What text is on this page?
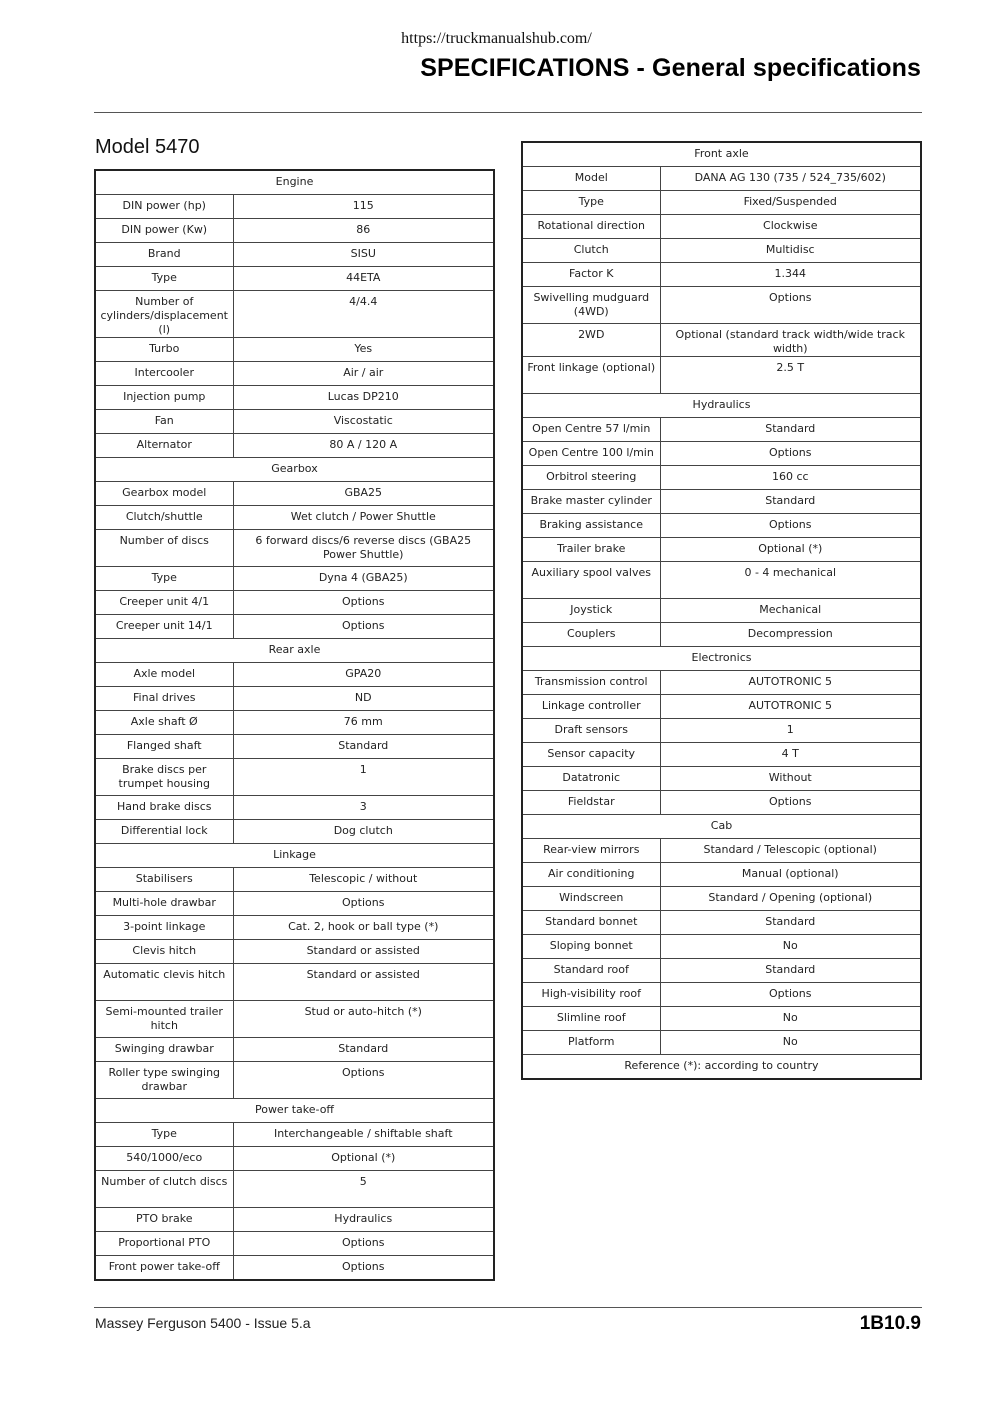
https://truckmanualshub.com/
SPECIFICATIONS - General specifications
Model 5470
Engine	
DIN power (hp)	115
DIN power (Kw)	86
Brand	SISU
Type	44ETA
Number of cylinders/displacement (l)	4/4.4
Turbo	Yes
Intercooler	Air / air
Injection pump	Lucas DP210
Fan	Viscostatic
Alternator	80 A / 120 A
Gearbox	
Gearbox model	GBA25
Clutch/shuttle	Wet clutch / Power Shuttle
Number of discs	6 forward discs/6 reverse discs (GBA25 Power Shuttle)
Type	Dyna 4 (GBA25)
Creeper unit 4/1	Options
Creeper unit 14/1	Options
Rear axle	
Axle model	GPA20
Final drives	ND
Axle shaft Ø	76 mm
Flanged shaft	Standard
Brake discs per trumpet housing	1
Hand brake discs	3
Differential lock	Dog clutch
Linkage	
Stabilisers	Telescopic / without
Multi-hole drawbar	Options
3-point linkage	Cat. 2, hook or ball type (*)
Clevis hitch	Standard or assisted
Automatic clevis hitch	Standard or assisted
Semi-mounted trailer hitch	Stud or auto-hitch (*)
Swinging drawbar	Standard
Roller type swinging drawbar	Options
Power take-off	
Type	Interchangeable / shiftable shaft
540/1000/eco	Optional (*)
Number of clutch discs	5
PTO brake	Hydraulics
Proportional PTO	Options
Front power take-off	Options
Front axle	
Model	DANA AG 130 (735 / 524_735/602)
Type	Fixed/Suspended
Rotational direction	Clockwise
Clutch	Multidisc
Factor K	1.344
Swivelling mudguard (4WD)	Options
2WD	Optional (standard track width/wide track width)
Front linkage (optional)	2.5 T
Hydraulics	
Open Centre 57 l/min	Standard
Open Centre 100 l/min	Options
Orbitrol steering	160 cc
Brake master cylinder	Standard
Braking assistance	Options
Trailer brake	Optional (*)
Auxiliary spool valves	0 - 4 mechanical
Joystick	Mechanical
Couplers	Decompression
Electronics	
Transmission control	AUTOTRONIC 5
Linkage controller	AUTOTRONIC 5
Draft sensors	1
Sensor capacity	4 T
Datatronic	Without
Fieldstar	Options
Cab	
Rear-view mirrors	Standard / Telescopic (optional)
Air conditioning	Manual (optional)
Windscreen	Standard / Opening (optional)
Standard bonnet	Standard
Sloping bonnet	No
Standard roof	Standard
High-visibility roof	Options
Slimline roof	No
Platform	No
Reference (*): according to country	
Massey Ferguson 5400 - Issue 5.a	1B10.9
